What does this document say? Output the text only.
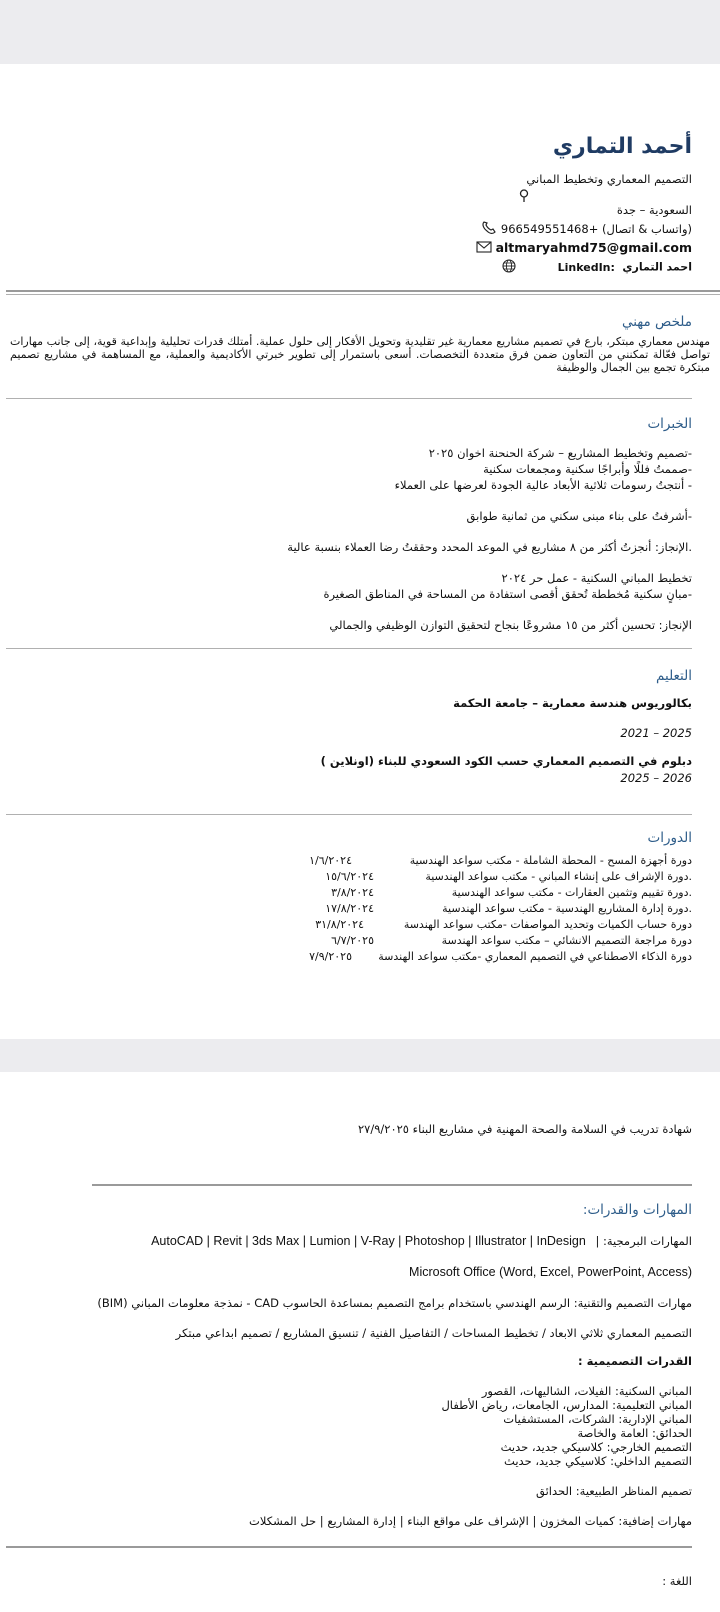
أحمد التماري
التصميم المعماري وتخطيط المباني
السعودية – جدة
(واتساب & اتصال) +966549551468
altmaryahmd75@gmail.com
احمد التماري LinkedIn:
ملخص مهني
مهندس معماري مبتكر، بارع في تصميم مشاريع معمارية غير تقليدية وتحويل الأفكار إلى حلول عملية. أمتلك قدرات تحليلية وإبداعية قوية، إلى جانب مهارات تواصل فعّالة تمكنني من التعاون ضمن فرق متعددة التخصصات. أسعى باستمرار إلى تطوير خبرتي الأكاديمية والعملية، مع المساهمة في مشاريع تصميم مبتكرة تجمع بين الجمال والوظيفة
الخبرات
-تصميم وتخطيط المشاريع – شركة الحنحنة اخوان ٢٠٢٥
-صممتُ فللًا وأبراجًا سكنية ومجمعات سكنية
- أنتجتُ رسومات ثلاثية الأبعاد عالية الجودة لعرضها على العملاء
-أشرفتُ على بناء مبنى سكني من ثمانية طوابق
.الإنجاز: أنجزتُ أكثر من ٨ مشاريع في الموعد المحدد وحققتُ رضا العملاء بنسبة عالية
تخطيط المباني السكنية - عمل حر ٢٠٢٤
-مبانٍ سكنية مُخططة تُحقق أقصى استفادة من المساحة في المناطق الصغيرة
الإنجاز: تحسين أكثر من ١٥ مشروعًا بنجاح لتحقيق التوازن الوظيفي والجمالي
التعليم
بكالوريوس هندسة معمارية – جامعة الحكمة
2021 – 2025
دبلوم في التصميم المعماري حسب الكود السعودي للبناء (اونلاين )
2025 – 2026
الدورات
دورة أجهزة المسح - المحطة الشاملة - مكتب سواعد الهندسية
١/٦/٢٠٢٤
.دورة الإشراف على إنشاء المباني - مكتب سواعد الهندسية
١٥/٦/٢٠٢٤
.دورة تقييم وتثمين العقارات - مكتب سواعد الهندسية
٣/٨/٢٠٢٤
.دورة إدارة المشاريع الهندسية - مكتب سواعد الهندسية
١٧/٨/٢٠٢٤
دورة حساب الكميات وتحديد المواصفات -مكتب سواعد الهندسة
٣١/٨/٢٠٢٤
دورة مراجعة التصميم الانشائي – مكتب سواعد الهندسة
٦/٧/٢٠٢٥
دورة الذكاء الاصطناعي في التصميم المعماري -مكتب سواعد الهندسة
٧/٩/٢٠٢٥
شهادة تدريب في السلامة والصحة المهنية في مشاريع البناء ٢٧/٩/٢٠٢٥
المهارات والقدرات:
AutoCAD | Revit | 3ds Max | Lumion | V-Ray | Photoshop | Illustrator | InDesign المهارات البرمجية: |
Microsoft Office (Word, Excel, PowerPoint, Access)
مهارات التصميم والتقنية: الرسم الهندسي باستخدام برامج التصميم بمساعدة الحاسوب CAD - نمذجة معلومات المباني (BIM)
التصميم المعماري ثلاثي الابعاد / تخطيط المساحات / التفاصيل الفنية / تنسيق المشاريع / تصميم ابداعي مبتكر
القدرات التصميمية :
المباني السكنية: الفيلات، الشاليهات، القصور
المباني التعليمية: المدارس، الجامعات، رياض الأطفال
المباني الإدارية: الشركات، المستشفيات
الحدائق: العامة والخاصة
التصميم الخارجي: كلاسيكي جديد، حديث
التصميم الداخلي: كلاسيكي جديد، حديث
تصميم المناظر الطبيعية: الحدائق
مهارات إضافية: كميات المخزون | الإشراف على مواقع البناء | إدارة المشاريع | حل المشكلات
اللغة :
